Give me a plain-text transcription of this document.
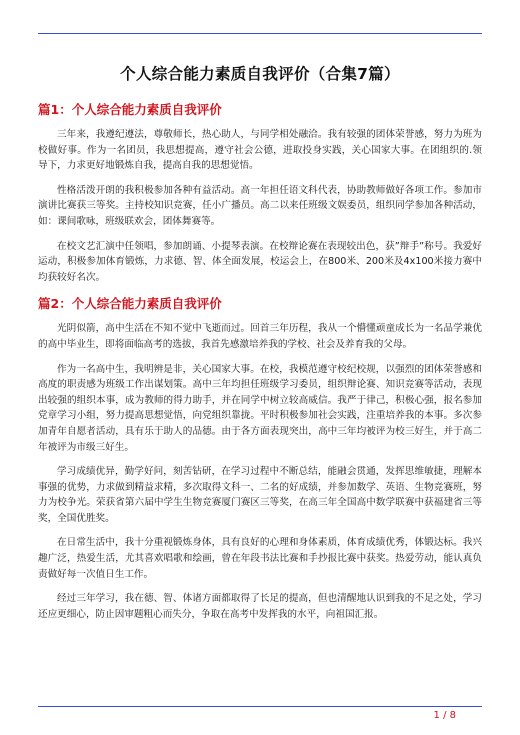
个人综合能力素质自我评价（合集7篇）
篇1：个人综合能力素质自我评价

三年来，我遵纪遵法，尊敬师长，热心助人，与同学相处融洽。我有较强的团体荣誉感，努力为班为校做好事。作为一名团员，我思想提高，遵守社会公德，进取投身实践，关心国家大事。在团组织的.领导下，力求更好地锻炼自我，提高自我的思想觉悟。

性格活泼开朗的我积极参加各种有益活动。高一年担任语文科代表，协助教师做好各项工作。参加市演讲比赛获三等奖。主持校知识竞赛，任小广播员。高二以来任班级文娱委员，组织同学参加各种活动，如：课间歌咏，班级联欢会，团体舞赛等。

在校文艺汇演中任领唱，参加朗诵、小提琴表演。在校辩论赛在表现较出色，获”辩手”称号。我爱好运动，积极参加体育锻炼，力求德、智、体全面发展，校运会上，在800米、200米及4x100米接力赛中均获较好名次。

篇2：个人综合能力素质自我评价

光阴似箭，高中生活在不知不觉中飞逝而过。回首三年历程，我从一个懵懂顽童成长为一名品学兼优的高中毕业生，即将面临高考的选拔，我首先感激培养我的学校、社会及养育我的父母。

作为一名高中生，我明辨是非，关心国家大事。在校，我模范遵守校纪校规，以强烈的团体荣誉感和高度的职责感为班级工作出谋划策。高中三年均担任班级学习委员，组织辩论赛、知识竞赛等活动，表现出较强的组织本事，成为教师的得力助手，并在同学中树立较高威信。我严于律己，积极心强，报名参加党章学习小组，努力提高思想觉悟，向党组织靠拢。平时积极参加社会实践，注重培养我的本事。多次参加青年自愿者活动，具有乐于助人的品德。由于各方面表现突出，高中三年均被评为校三好生，并于高二年被评为市级三好生。

学习成绩优异，勤学好问，刻苦钻研，在学习过程中不断总结，能融会贯通，发挥思维敏捷，理解本事强的优势，力求做到精益求精，多次取得文科一、二名的好成绩，并参加数学、英语、生物竞赛班，努力为校争光。荣获省第六届中学生生物竞赛厦门赛区三等奖，在高三年全国高中数学联赛中获福建省三等奖，全国优胜奖。

在日常生活中，我十分重视锻炼身体，具有良好的心理和身体素质，体育成绩优秀，体锻达标。我兴趣广泛，热爱生活，尤其喜欢唱歌和绘画，曾在年段书法比赛和手抄报比赛中获奖。热爱劳动，能认真负责做好每一次值日生工作。

经过三年学习，我在德、智、体诸方面都取得了长足的提高，但也清醒地认识到我的不足之处，学习还应更细心，防止因审题粗心而失分，争取在高考中发挥我的水平，向祖国汇报。

1 / 8
